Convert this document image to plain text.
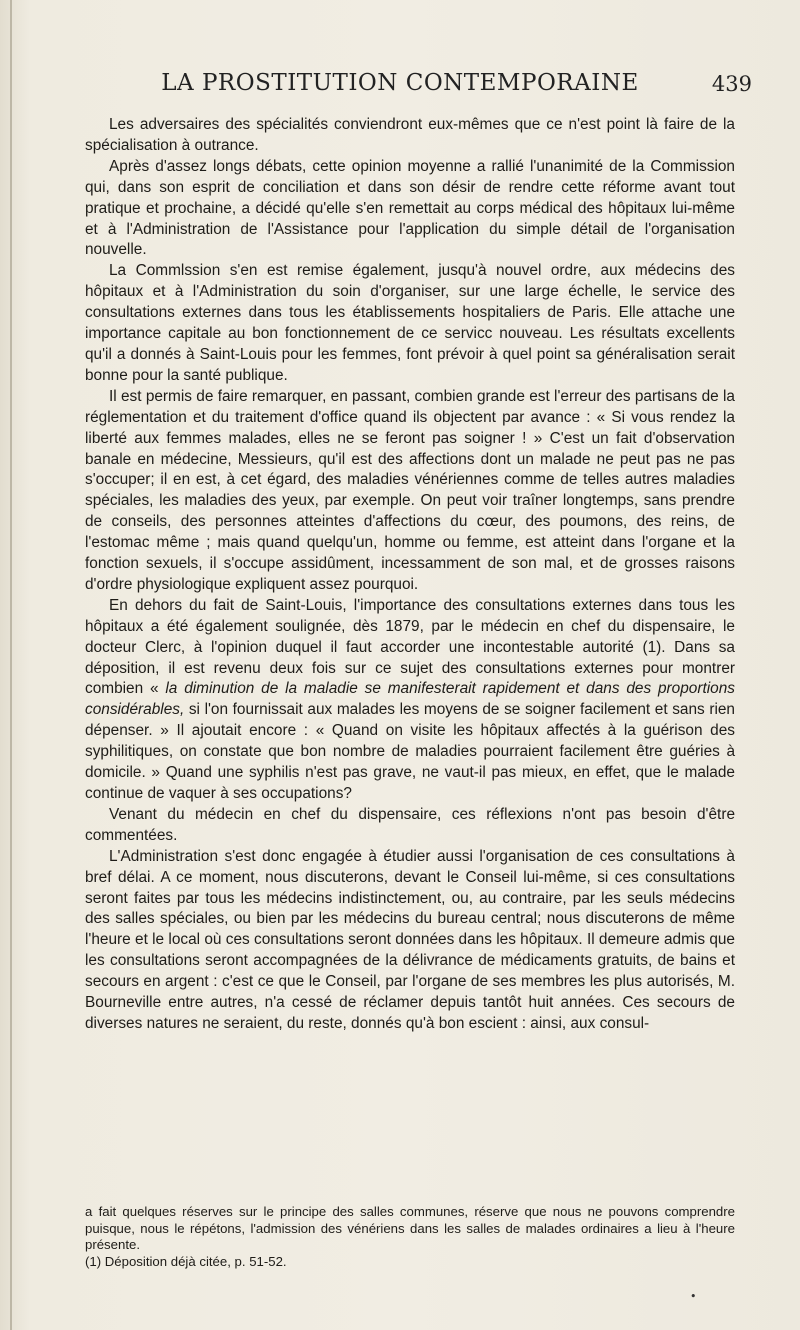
LA PROSTITUTION CONTEMPORAINE	439

Les adversaires des spécialités conviendront eux-mêmes que ce n'est point là faire de la spécialisation à outrance.

Après d'assez longs débats, cette opinion moyenne a rallié l'unanimité de la Commission qui, dans son esprit de conciliation et dans son désir de rendre cette réforme avant tout pratique et prochaine, a décidé qu'elle s'en remettait au corps médical des hôpitaux lui-même et à l'Administration de l'Assistance pour l'application du simple détail de l'organisation nouvelle.

La Commlssion s'en est remise également, jusqu'à nouvel ordre, aux médecins des hôpitaux et à l'Administration du soin d'organiser, sur une large échelle, le service des consultations externes dans tous les établissements hospitaliers de Paris. Elle attache une importance capitale au bon fonctionnement de ce servicc nouveau. Les résultats excellents qu'il a donnés à Saint-Louis pour les femmes, font prévoir à quel point sa généralisation serait bonne pour la santé publique.

Il est permis de faire remarquer, en passant, combien grande est l'erreur des partisans de la réglementation et du traitement d'office quand ils objectent par avance : « Si vous rendez la liberté aux femmes malades, elles ne se feront pas soigner ! » C'est un fait d'observation banale en médecine, Messieurs, qu'il est des affections dont un malade ne peut pas ne pas s'occuper; il en est, à cet égard, des maladies vénériennes comme de telles autres maladies spéciales, les maladies des yeux, par exemple. On peut voir traîner longtemps, sans prendre de conseils, des personnes atteintes d'affections du cœur, des poumons, des reins, de l'estomac même ; mais quand quelqu'un, homme ou femme, est atteint dans l'organe et la fonction sexuels, il s'occupe assidûment, incessamment de son mal, et de grosses raisons d'ordre physiologique expliquent assez pourquoi.

En dehors du fait de Saint-Louis, l'importance des consultations externes dans tous les hôpitaux a été également soulignée, dès 1879, par le médecin en chef du dispensaire, le docteur Clerc, à l'opinion duquel il faut accorder une incontestable autorité (1). Dans sa déposition, il est revenu deux fois sur ce sujet des consultations externes pour montrer combien « la diminution de la maladie se manifesterait rapidement et dans des proportions considérables, si l'on fournissait aux malades les moyens de se soigner facilement et sans rien dépenser. » Il ajoutait encore : « Quand on visite les hôpitaux affectés à la guérison des syphilitiques, on constate que bon nombre de maladies pourraient facilement être guéries à domicile. » Quand une syphilis n'est pas grave, ne vaut-il pas mieux, en effet, que le malade continue de vaquer à ses occupations?

Venant du médecin en chef du dispensaire, ces réflexions n'ont pas besoin d'être commentées.

L'Administration s'est donc engagée à étudier aussi l'organisation de ces consultations à bref délai. A ce moment, nous discuterons, devant le Conseil lui-même, si ces consultations seront faites par tous les médecins indistinctement, ou, au contraire, par les seuls médecins des salles spéciales, ou bien par les médecins du bureau central; nous discuterons de même l'heure et le local où ces consultations seront données dans les hôpitaux. Il demeure admis que les consultations seront accompagnées de la délivrance de médicaments gratuits, de bains et secours en argent : c'est ce que le Conseil, par l'organe de ses membres les plus autorisés, M. Bourneville entre autres, n'a cessé de réclamer depuis tantôt huit années. Ces secours de diverses natures ne seraient, du reste, donnés qu'à bon escient : ainsi, aux consul-

a fait quelques réserves sur le principe des salles communes, réserve que nous ne pouvons comprendre puisque, nous le répétons, l'admission des vénériens dans les salles de malades ordinaires a lieu à l'heure présente.

(1) Déposition déjà citée, p. 51-52.

•
